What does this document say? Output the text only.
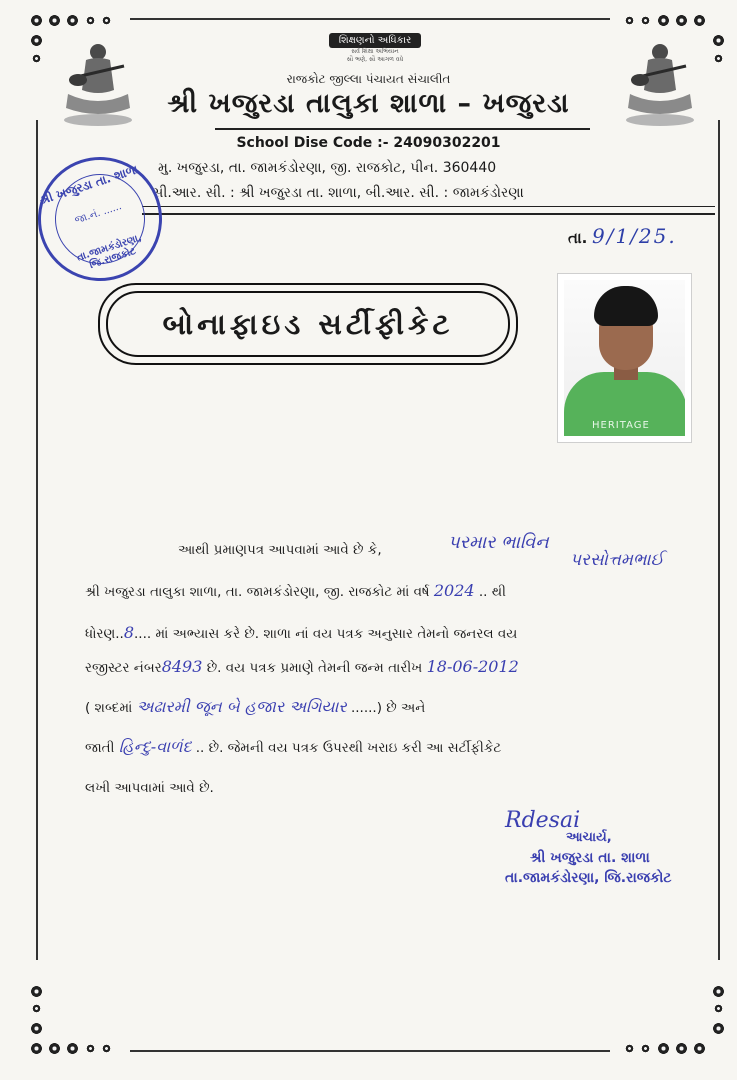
શિક્ષણનો અધિકાર
સર્વ શિક્ષા અભિયાન
સૌ ભણે, સૌ આગળ વધે
રાજકોટ જીલ્લા પંચાયત સંચાલીત
શ્રી ખજુરડા તાલુકા શાળા – ખજુરડા
School Dise Code :- 24090302201
મુ. ખજુરડા, તા. જામકંડોરણા, જી. રાજકોટ, પીન. 360440
સી.આર. સી. : શ્રી ખજુરડા તા. શાળા, બી.આર. સી. : જામકંડોરણા
શ્રી ખજુરડા તા. શાળા
જા.નં. ......
તા.જામકંડોરણા, જિ.રાજકોટ
તા. 9/1/25.
બોનાફાઇડ સર્ટીફીકેટ
HERITAGE
આથી પ્રમાણપત્ર આપવામાં આવે છે કે,	પરમાર ભાવિન
પરસોત્તમભાઈ
શ્રી ખજુરડા તાલુકા શાળા, તા. જામકંડોરણા, જી. રાજકોટ માં વર્ષ 2024 .. થી
ધોરણ..8.... માં અભ્યાસ કરે છે. શાળા નાં વય પત્રક અનુસાર તેમનો જનરલ વય
રજીસ્ટર નંબર8493 છે. વય પત્રક પ્રમાણે તેમની જન્મ તારીખ 18-06-2012
( શબ્દમાં અઢારમી જૂન બે હજાર અગિયાર ......) છે અને
જાતી હિન્દુ-વાળંદ .. છે. જેમની વય પત્રક ઉપરથી ખરાઇ કરી આ સર્ટીફીકેટ
લખી આપવામાં આવે છે.
Rdesai
આચાર્ય,
શ્રી ખજુરડા તા. શાળા
તા.જામકંડોરણા, જિ.રાજકોટ
